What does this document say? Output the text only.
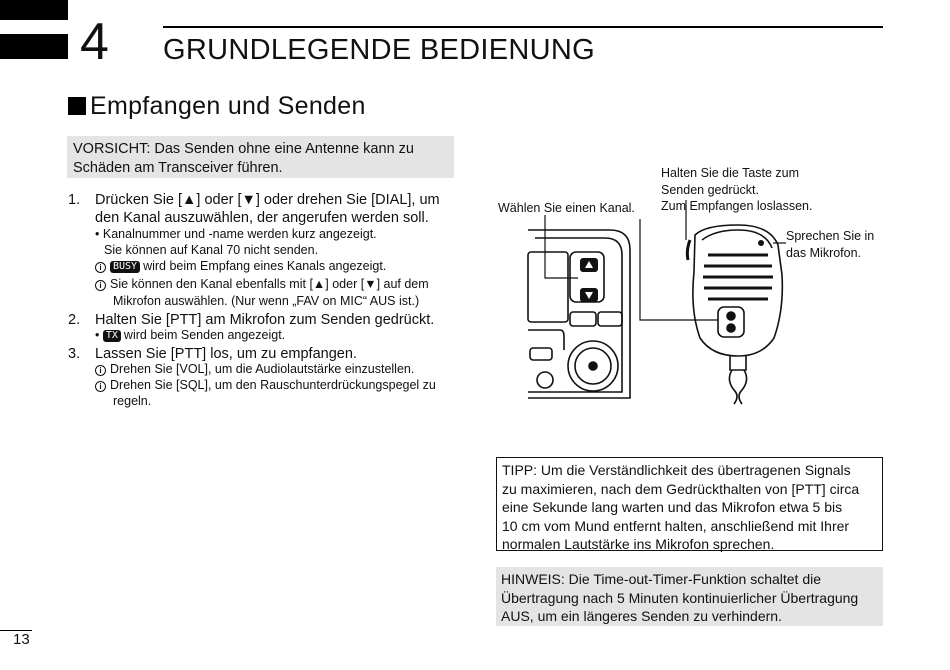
4 GRUNDLEGENDE BEDIENUNG
Empfangen und Senden
VORSICHT: Das Senden ohne eine Antenne kann zu
Schäden am Transceiver führen.
1. Drücken Sie [▲] oder [▼] oder drehen Sie [DIAL], um
den Kanal auszuwählen, der angerufen werden soll.
• Kanalnummer und -name werden kurz angezeigt.
Sie können auf Kanal 70 nicht senden.
i BUSY wird beim Empfang eines Kanals angezeigt.
i Sie können den Kanal ebenfalls mit [▲] oder [▼] auf dem
Mikrofon auswählen. (Nur wenn „FAV on MIC“ AUS ist.)
2. Halten Sie [PTT] am Mikrofon zum Senden gedrückt.
• TX wird beim Senden angezeigt.
3. Lassen Sie [PTT] los, um zu empfangen.
i Drehen Sie [VOL], um die Audiolautstärke einzustellen.
i Drehen Sie [SQL], um den Rauschunterdrückungspegel zu
regeln.
Wählen Sie einen Kanal.
Halten Sie die Taste zum
Senden gedrückt.
Zum Empfangen loslassen.
Sprechen Sie in
das Mikrofon.
TIPP: Um die Verständlichkeit des übertragenen Signals
zu maximieren, nach dem Gedrückthalten von [PTT] circa
eine Sekunde lang warten und das Mikrofon etwa 5 bis
10 cm vom Mund entfernt halten, anschließend mit Ihrer
normalen Lautstärke ins Mikrofon sprechen.
HINWEIS: Die Time-out-Timer-Funktion schaltet die
Übertragung nach 5 Minuten kontinuierlicher Übertragung
AUS, um ein längeres Senden zu verhindern.
13
